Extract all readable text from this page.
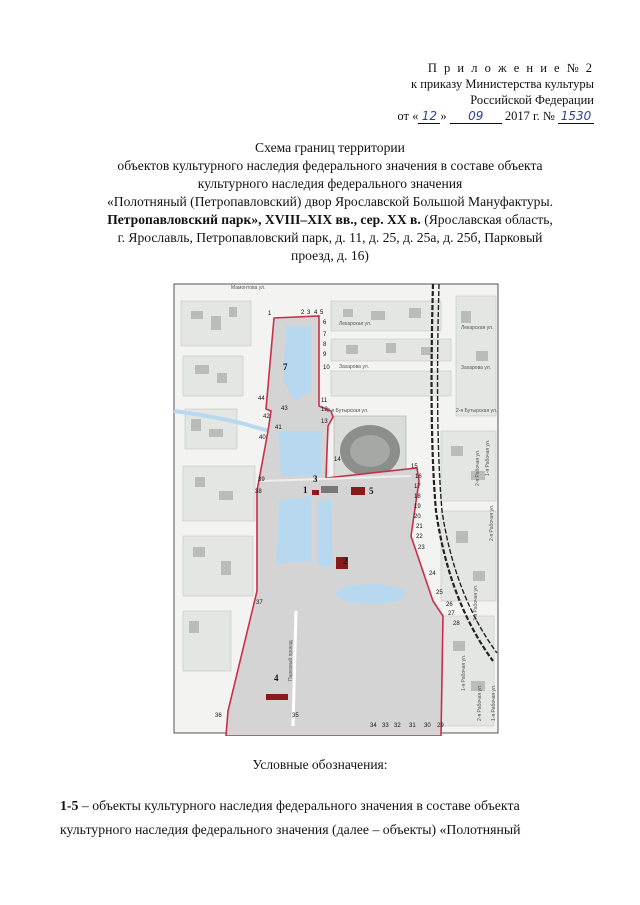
П р и л о ж е н и е № 2
к приказу Министерства культуры
Российской Федерации
от « 12 » 09 2017 г. № 1530
Схема границ территории
объектов культурного наследия федерального значения в составе объекта
культурного наследия федерального значения
«Полотняный (Петропавловский) двор Ярославской Большой Мануфактуры.
Петропавловский парк», XVIII–XIX вв., сер. XX в. (Ярославская область,
г. Ярославль, Петропавловский парк, д. 11, д. 25, д. 25а, д. 25б, Парковый
проезд, д. 16)
Мамонтова ул.
Лекарская ул.
Лекарская ул.
Захарова ул.	Захарова ул.
2-я Бутырская ул.	2-я Бутырская ул.
Парковый проезд
2-я Рабочая ул.
2-я Рабочая ул.
1-я Рабочая ул.
2-я Рабочая ул. 1-я Рабочая ул.
2-я Рабочая ул.
1-я Рабочая ул.
1
2
3
4
5
7
1	2 3 4 5
6
7
8
9
10
11
12
13
14
15
16
17
18
19
20
21
22
23
24
25
26
27
28
29
30
31
32
33
34
35
36
37
38
39
40
41
42
43
44
Условные обозначения:
1-5 – объекты культурного наследия федерального значения в составе объекта
культурного наследия федерального значения (далее – объекты) «Полотняный
